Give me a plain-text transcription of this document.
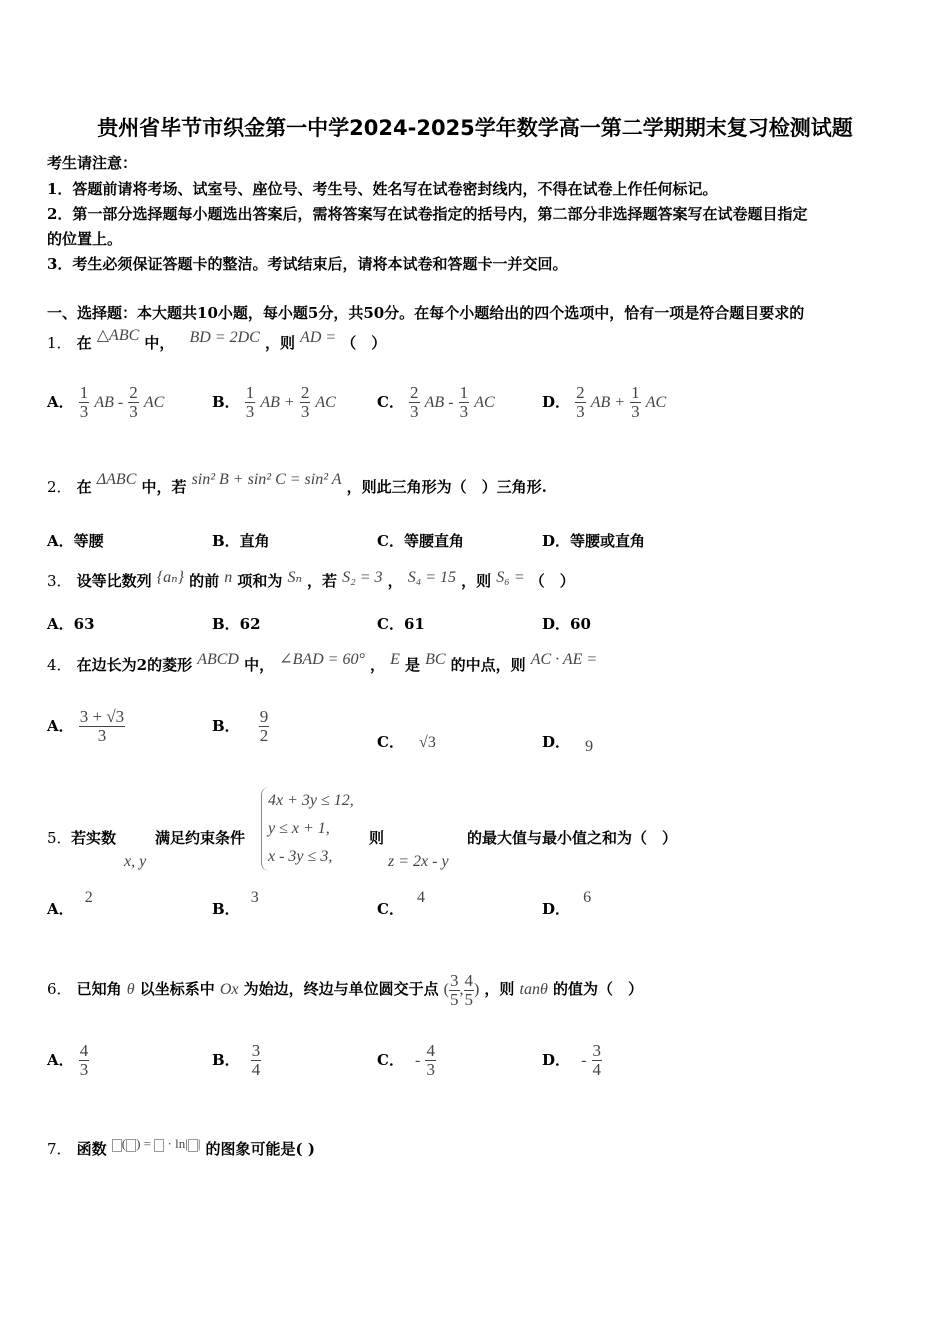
贵州省毕节市织金第一中学2024-2025学年数学高一第二学期期末复习检测试题
考生请注意：
1．答题前请将考场、试室号、座位号、考生号、姓名写在试卷密封线内，不得在试卷上作任何标记。
2．第一部分选择题每小题选出答案后，需将答案写在试卷指定的括号内，第二部分非选择题答案写在试卷题目指定
的位置上。
3．考生必须保证答题卡的整洁。考试结束后，请将本试卷和答题卡一并交回。
一、选择题：本大题共10小题，每小题5分，共50分。在每个小题给出的四个选项中，恰有一项是符合题目要求的
1． 在 △ABC 中， BD = 2DC ，则 AD = （　）
A． $\frac{1}{3}$ AB - $\frac{2}{3}$ AC	B． $\frac{1}{3}$ AB + $\frac{2}{3}$ AC	C． $\frac{2}{3}$ AB - $\frac{1}{3}$ AC	D． $\frac{2}{3}$ AB + $\frac{1}{3}$ AC
2． 在 ΔABC 中，若 sin² B + sin² C = sin² A ，则此三角形为（　）三角形.
A．等腰	B．直角	C．等腰直角	D．等腰或直角
3． 设等比数列 {aₙ} 的前 n 项和为 Sₙ ，若 S₂ = 3 ， S₄ = 15 ，则 S₆ = （　）
A．63	B．62	C．61	D．60
4． 在边长为2的菱形 ABCD 中， ∠BAD = 60° ， E 是 BC 的中点，则 AC · AE =
A． $\frac{3 + √3}{3}$	B． $\frac{9}{2}$	C． √3	D． 9
5． 若实数
x, y
满足约束条件
4x + 3y ≤ 12,
y ≤ x + 1,
x - 3y ≤ 3,
则
z = 2x - y
的最大值与最小值之和为（　）
A． 2
B． 3
C． 4
D． 6
6． 已知角 θ 以坐标系中 Ox 为始边，终边与单位圆交于点 ( $\frac{3}{5}$ , $\frac{4}{5}$ ) ，则 tanθ 的值为（　）
A． $\frac{4}{3}$	B． $\frac{3}{4}$	C． - $\frac{4}{3}$	D． - $\frac{3}{4}$
7． 函数 $^{( ) = \cdot ln| |}$ 的图象可能是( )
